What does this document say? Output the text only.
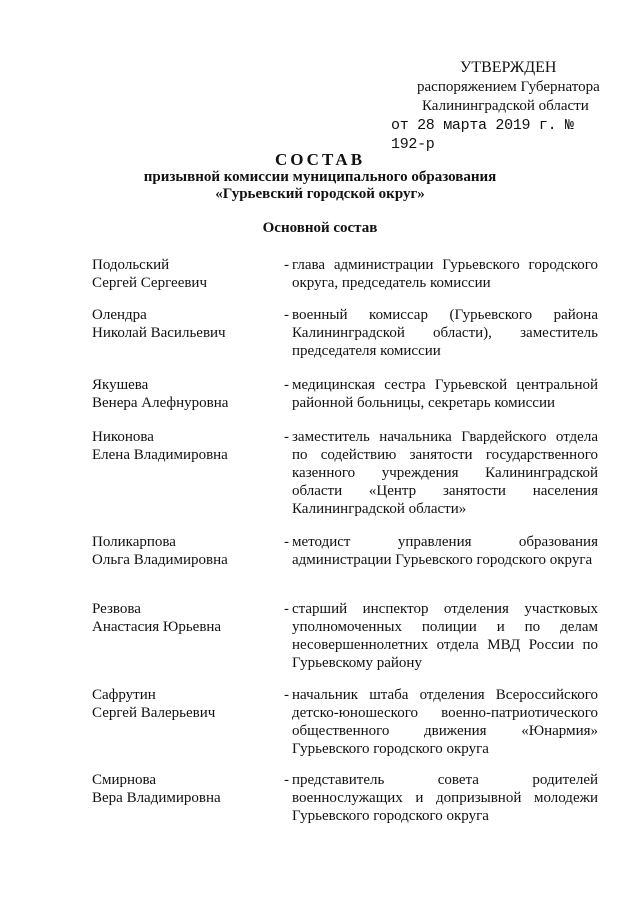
УТВЕРЖДЕН
распоряжением Губернатора
Калининградской области
от 28 марта 2019 г. № 192-р
СОСТАВ
призывной комиссии муниципального образования
«Гурьевский городской округ»
Основной состав
Подольский
Сергей Сергеевич
- глава администрации Гурьевского городского округа, председатель комиссии
Олендра
Николай Васильевич
- военный комиссар (Гурьевского района Калининградской области), заместитель председателя комиссии
Якушева
Венера Алефнуровна
- медицинская сестра Гурьевской центральной районной больницы, секретарь комиссии
Никонова
Елена Владимировна
- заместитель начальника Гвардейского отдела по содействию занятости государственного казенного учреждения Калининградской области «Центр занятости населения Калининградской области»
Поликарпова
Ольга Владимировна
- методист управления образования администрации Гурьевского городского округа
Резвова
Анастасия Юрьевна
- старший инспектор отделения участковых уполномоченных полиции и по делам несовершеннолетних отдела МВД России по Гурьевскому району
Сафрутин
Сергей Валерьевич
- начальник штаба отделения Всероссийского детско-юношеского военно-патриотического общественного движения «Юнармия» Гурьевского городского округа
Смирнова
Вера Владимировна
- представитель совета родителей военнослужащих и допризывной молодежи Гурьевского городского округа
